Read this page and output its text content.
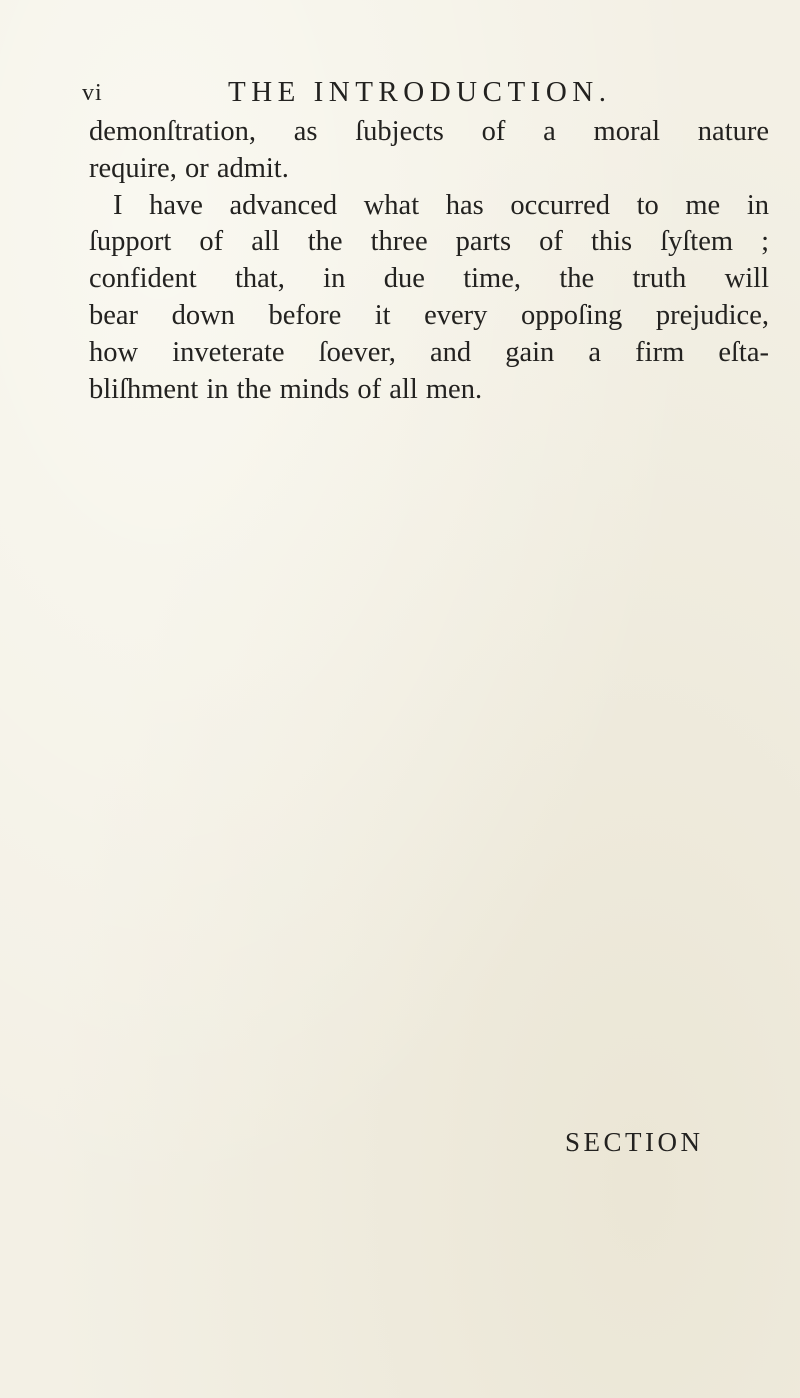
vi	THE INTRODUCTION.
demonſtration, as ſubjects of a moral nature
require, or admit.
I have advanced what has occurred to me in
ſupport of all the three parts of this ſyſtem ;
confident that, in due time, the truth will
bear down before it every oppoſing prejudice,
how inveterate ſoever, and gain a firm eſta-
bliſhment in the minds of all men.
SECTION
